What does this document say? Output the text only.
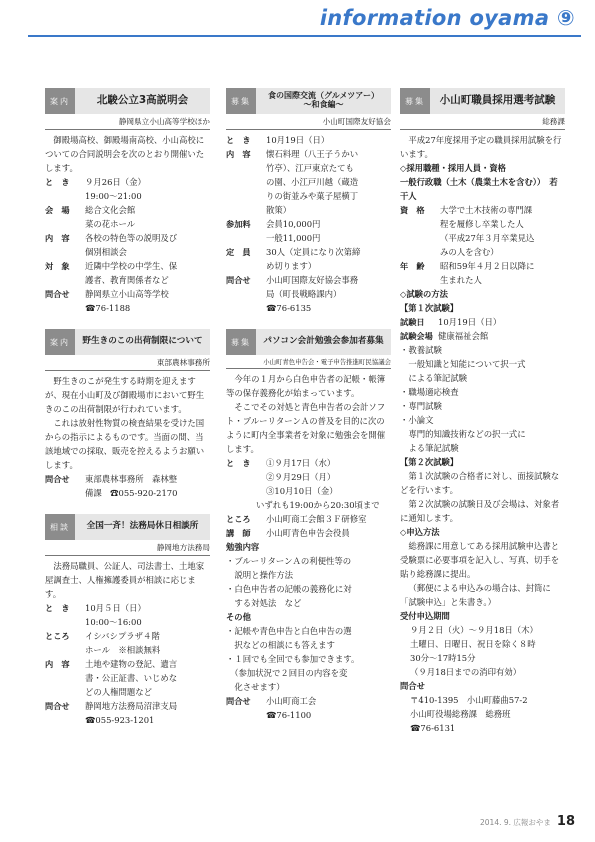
information oyama ⑨
案内	北駿公立3高説明会
静岡県立小山高等学校ほか

御殿場高校、御殿場南高校、小山高校についての合同説明会を次のとおり開催いたします。

と　き	９月26日（金）
19:00～21:00
会　場	総合文化会館
菜の花ホール
内　容	各校の特色等の説明及び
個別相談会
対　象	近隣中学校の中学生、保
護者、教育関係者など
問合せ	静岡県立小山高等学校
☎76-1188
案内	野生きのこの出荷制限について
東部農林事務所

野生きのこが発生する時期を迎えますが、現在小山町及び御殿場市において野生きのこの出荷制限が行われています。

これは放射性物質の検査結果を受けた国からの指示によるものです。当面の間、当該地域での採取、販売を控えるようお願いします。

問合せ	東部農林事務所　森林整
備課　☎055-920-2170
相談	全国一斉！法務局休日相談所
静岡地方法務局

法務局職員、公証人、司法書士、土地家屋調査士、人権擁護委員が相談に応じます。

と　き	10月５日（日）
10:00～16:00
ところ	イシバシプラザ４階
ホール　※相談無料
内　容	土地や建物の登記、遺言
書・公正証書、いじめな
どの人権問題など
問合せ	静岡地方法務局沼津支局
☎055-923-1201
募集
食の国際交流（グルメツアー）
～和食編～
小山町国際友好協会
と　き	10月19日（日）
内　容	懐石料理（八王子うかい
竹亭）、江戸東京たても
の園、小江戸川越（蔵造
りの街並みや菓子屋横丁
散策）
参加料	会員10,000円
一般11,000円
定　員	30人（定員になり次第締
め切ります）
問合せ	小山町国際友好協会事務
局（町長戦略課内）
☎76-6135
募集	パソコン会計勉強会参加者募集
小山町青色申告会・電子申告推進町民協議会

今年の１月から白色申告者の記帳・帳簿等の保存義務化が始まっています。

そこでその対処と青色申告者の会計ソフト・ブルーリターンＡの普及を目的に次のように町内全事業者を対象に勉強会を開催します。

と　き	①９月17日（水）
②９月29日（月）
③10月10日（金）
いずれも19:00から20:30頃まで
ところ	小山町商工会館３Ｆ研修室
講　師	小山町青色申告会役員
勉強内容
・ブルーリターンＡの利便性等の
　説明と操作方法
・白色申告者の記帳の義務化に対
　する対処法　など
その他
・記帳や青色申告と白色申告の選
　択などの相談にも答えます
・１回でも全回でも参加できます。
　（参加状況で２回目の内容を変
　化させます）
問合せ	小山町商工会
☎76-1100
募集	小山町職員採用選考試験
総務課

平成27年度採用予定の職員採用試験を行います。

◇採用職種・採用人員・資格
一般行政職（土木（農業土木を含む））　若干人
資　格	大学で土木技術の専門課
程を履修し卒業した人
（平成27年３月卒業見込
みの人を含む）
年　齢	昭和59年４月２日以降に
生まれた人
◇試験の方法
【第１次試験】
試験日	10月19日（日）
試験会場 健康福祉会館
・教養試験
　一般知識と知能について択一式
　による筆記試験
・職場適応検査
・専門試験
・小論文
　専門的知識技術などの択一式に
　よる筆記試験
【第２次試験】

第１次試験の合格者に対し、面接試験などを行います。

第２次試験の試験日及び会場は、対象者に通知します。

◇申込方法

総務課に用意してある採用試験申込書と受験票に必要事項を記入し、写真、切手を貼り総務課に提出。

（郵便による申込みの場合は、封筒に「試験申込」と朱書き。）

受付申込期間
９月２日（火）～９月18日（木）
土曜日、日曜日、祝日を除く８時
30分～17時15分
（９月18日までの消印有効）
問合せ
〒410-1395　小山町藤曲57-2
小山町役場総務課　総務班
☎76-6131
2014. 9.
広報おやま 18
